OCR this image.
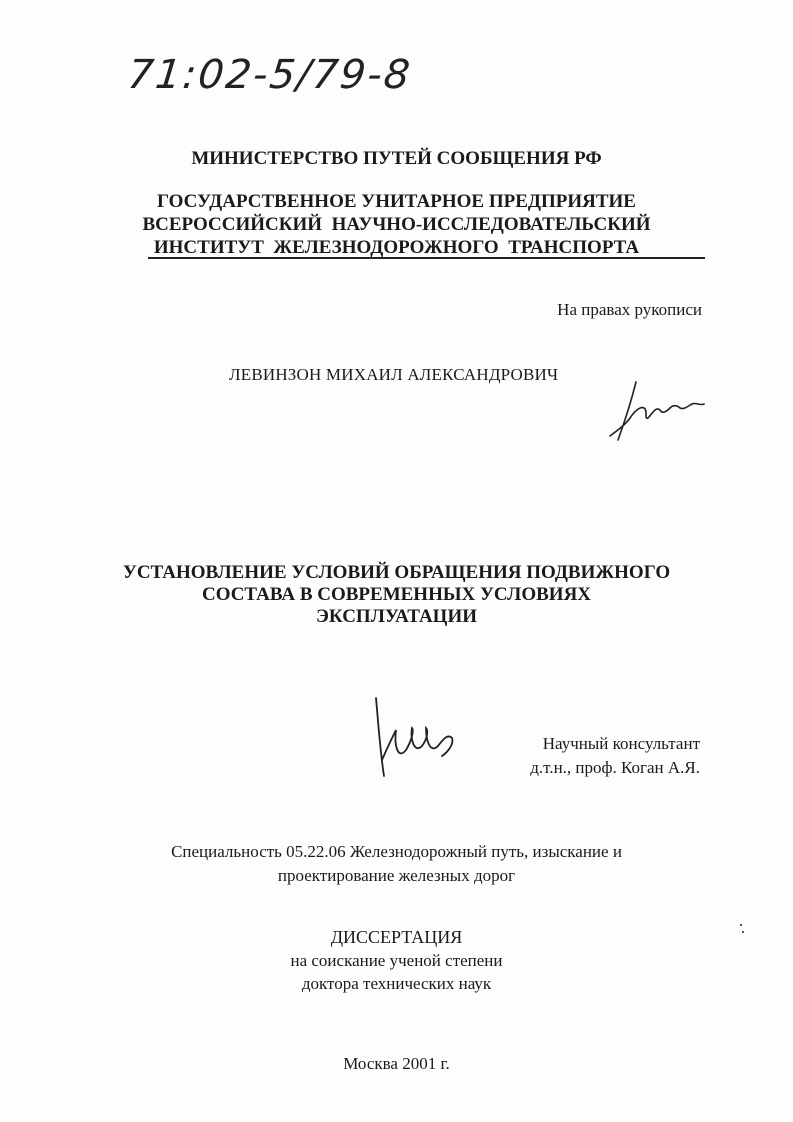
71:02-5/79-8
МИНИСТЕРСТВО ПУТЕЙ СООБЩЕНИЯ РФ
ГОСУДАРСТВЕННОЕ УНИТАРНОЕ ПРЕДПРИЯТИЕ
ВСЕРОССИЙСКИЙ  НАУЧНО-ИССЛЕДОВАТЕЛЬСКИЙ
ИНСТИТУТ  ЖЕЛЕЗНОДОРОЖНОГО  ТРАНСПОРТА
На правах рукописи
ЛЕВИНЗОН МИХАИЛ АЛЕКСАНДРОВИЧ
УСТАНОВЛЕНИЕ УСЛОВИЙ ОБРАЩЕНИЯ ПОДВИЖНОГО
СОСТАВА В СОВРЕМЕННЫХ УСЛОВИЯХ
ЭКСПЛУАТАЦИИ
Научный консультант
д.т.н., проф. Коган А.Я.
Специальность 05.22.06 Железнодорожный путь, изыскание и
проектирование железных дорог
ДИССЕРТАЦИЯ
на соискание ученой степени
доктора технических наук
Москва 2001 г.
